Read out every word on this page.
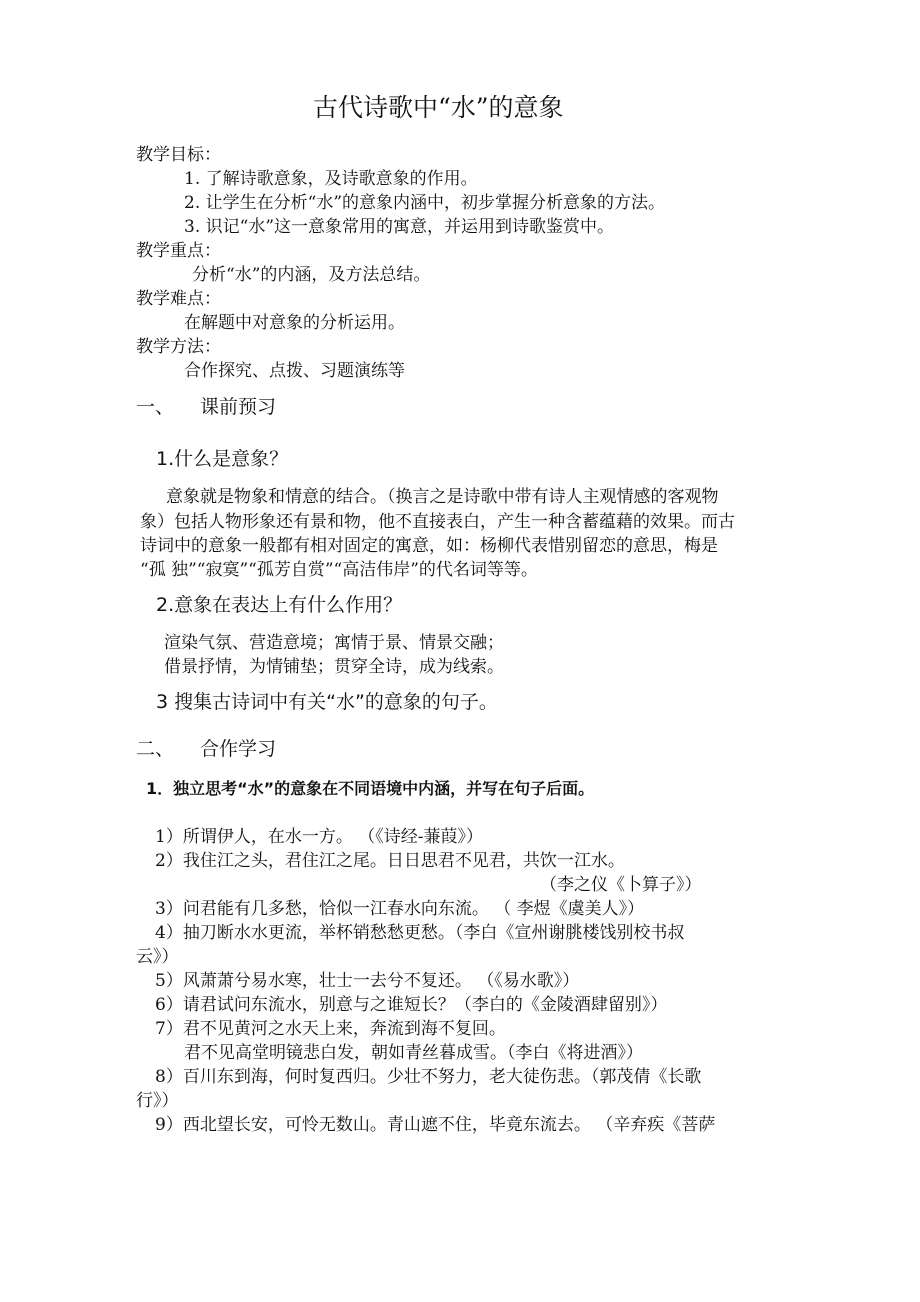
古代诗歌中“水”的意象
教学目标：
1. 了解诗歌意象，及诗歌意象的作用。
2. 让学生在分析“水”的意象内涵中，初步掌握分析意象的方法。
3. 识记“水”这一意象常用的寓意，并运用到诗歌鉴赏中。
教学重点：
分析“水”的内涵，及方法总结。
教学难点：
在解题中对意象的分析运用。
教学方法：
合作探究、点拨、习题演练等
一、 课前预习
1.什么是意象？
意象就是物象和情意的结合。（换言之是诗歌中带有诗人主观情感的客观物
象）包括人物形象还有景和物，他不直接表白，产生一种含蓄蕴藉的效果。而古
诗词中的意象一般都有相对固定的寓意，如：杨柳代表惜别留恋的意思，梅是
“孤 独”“寂寞”“孤芳自赏”“高洁伟岸”的代名词等等。
2.意象在表达上有什么作用？
渲染气氛、营造意境；寓情于景、情景交融；
借景抒情，为情铺垫；贯穿全诗，成为线索。
3 搜集古诗词中有关“水”的意象的句子。
二、 合作学习
1．独立思考“水”的意象在不同语境中内涵，并写在句子后面。
1）所谓伊人，在水一方。 （《诗经-蒹葭》）
2）我住江之头，君住江之尾。日日思君不见君，共饮一江水。
（李之仪《卜算子》）
3）问君能有几多愁，恰似一江春水向东流。 （ 李煜《虞美人》）
4）抽刀断水水更流，举杯销愁愁更愁。（李白《宣州谢朓楼饯别校书叔
云》）
5）风萧萧兮易水寒，壮士一去兮不复还。 （《易水歌》）
6）请君试问东流水，别意与之谁短长？（李白的《金陵酒肆留别》）
7）君不见黄河之水天上来，奔流到海不复回。
君不见高堂明镜悲白发，朝如青丝暮成雪。（李白《将进酒》）
8）百川东到海，何时复西归。少壮不努力，老大徒伤悲。（郭茂倩《长歌
行》）
9）西北望长安，可怜无数山。青山遮不住，毕竟东流去。 （辛弃疾《菩萨
